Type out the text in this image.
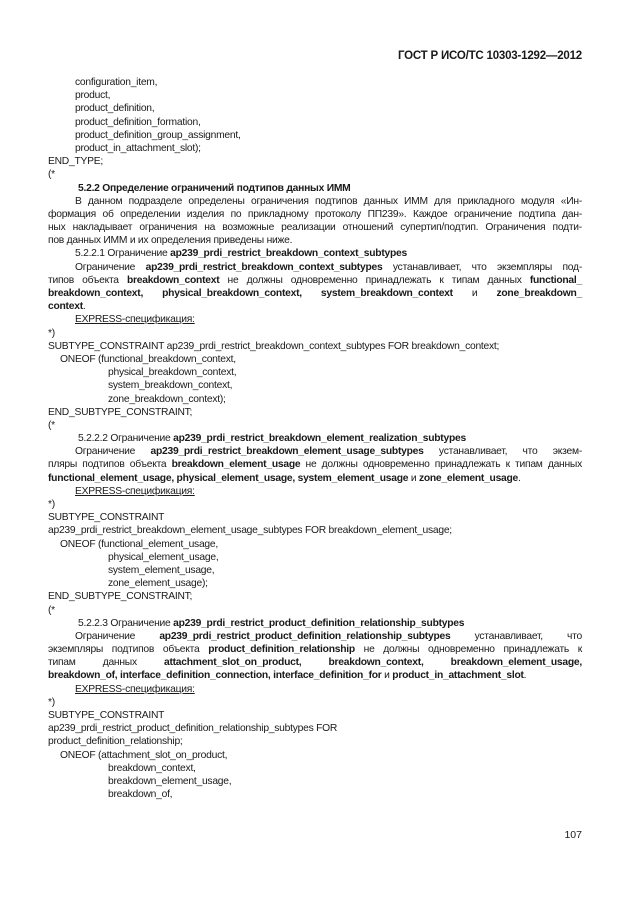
ГОСТ Р ИСО/ТС 10303-1292—2012
configuration_item,
product,
product_definition,
product_definition_formation,
product_definition_group_assignment,
product_in_attachment_slot);
END_TYPE;
(*
5.2.2 Определение ограничений подтипов данных ИММ
В данном подразделе определены ограничения подтипов данных ИММ для прикладного модуля «Ин-
формация об определении изделия по прикладному протоколу ПП239». Каждое ограничение подтипа дан-
ных накладывает ограничения на возможные реализации отношений супертип/подтип. Ограничения подти-
пов данных ИММ и их определения приведены ниже.
5.2.2.1 Ограничение ap239_prdi_restrict_breakdown_context_subtypes
Ограничение ap239_prdi_restrict_breakdown_context_subtypes устанавливает, что экземпляры под-
типов объекта breakdown_context не должны одновременно принадлежать к типам данных functional_
breakdown_context, physical_breakdown_context, system_breakdown_context и zone_breakdown_
context.
EXPRESS-спецификация:
*)
SUBTYPE_CONSTRAINT ap239_prdi_restrict_breakdown_context_subtypes FOR breakdown_context;
ONEOF (functional_breakdown_context,
physical_breakdown_context,
system_breakdown_context,
zone_breakdown_context);
END_SUBTYPE_CONSTRAINT;
(*
5.2.2.2 Ограничение ap239_prdi_restrict_breakdown_element_realization_subtypes
Ограничение ap239_prdi_restrict_breakdown_element_usage_subtypes устанавливает, что экзем-
пляры подтипов объекта breakdown_element_usage не должны одновременно принадлежать к типам данных
functional_element_usage, physical_element_usage, system_element_usage и zone_element_usage.
EXPRESS-спецификация:
*)
SUBTYPE_CONSTRAINT
ap239_prdi_restrict_breakdown_element_usage_subtypes FOR breakdown_element_usage;
ONEOF (functional_element_usage,
physical_element_usage,
system_element_usage,
zone_element_usage);
END_SUBTYPE_CONSTRAINT;
(*
5.2.2.3 Ограничение ap239_prdi_restrict_product_definition_relationship_subtypes
Ограничение ap239_prdi_restrict_product_definition_relationship_subtypes устанавливает, что
экземпляры подтипов объекта product_definition_relationship не должны одновременно принадлежать к
типам данных attachment_slot_on_product, breakdown_context, breakdown_element_usage,
breakdown_of, interface_definition_connection, interface_definition_for и product_in_attachment_slot.
EXPRESS-спецификация:
*)
SUBTYPE_CONSTRAINT
ap239_prdi_restrict_product_definition_relationship_subtypes FOR
product_definition_relationship;
ONEOF (attachment_slot_on_product,
breakdown_context,
breakdown_element_usage,
breakdown_of,
107
